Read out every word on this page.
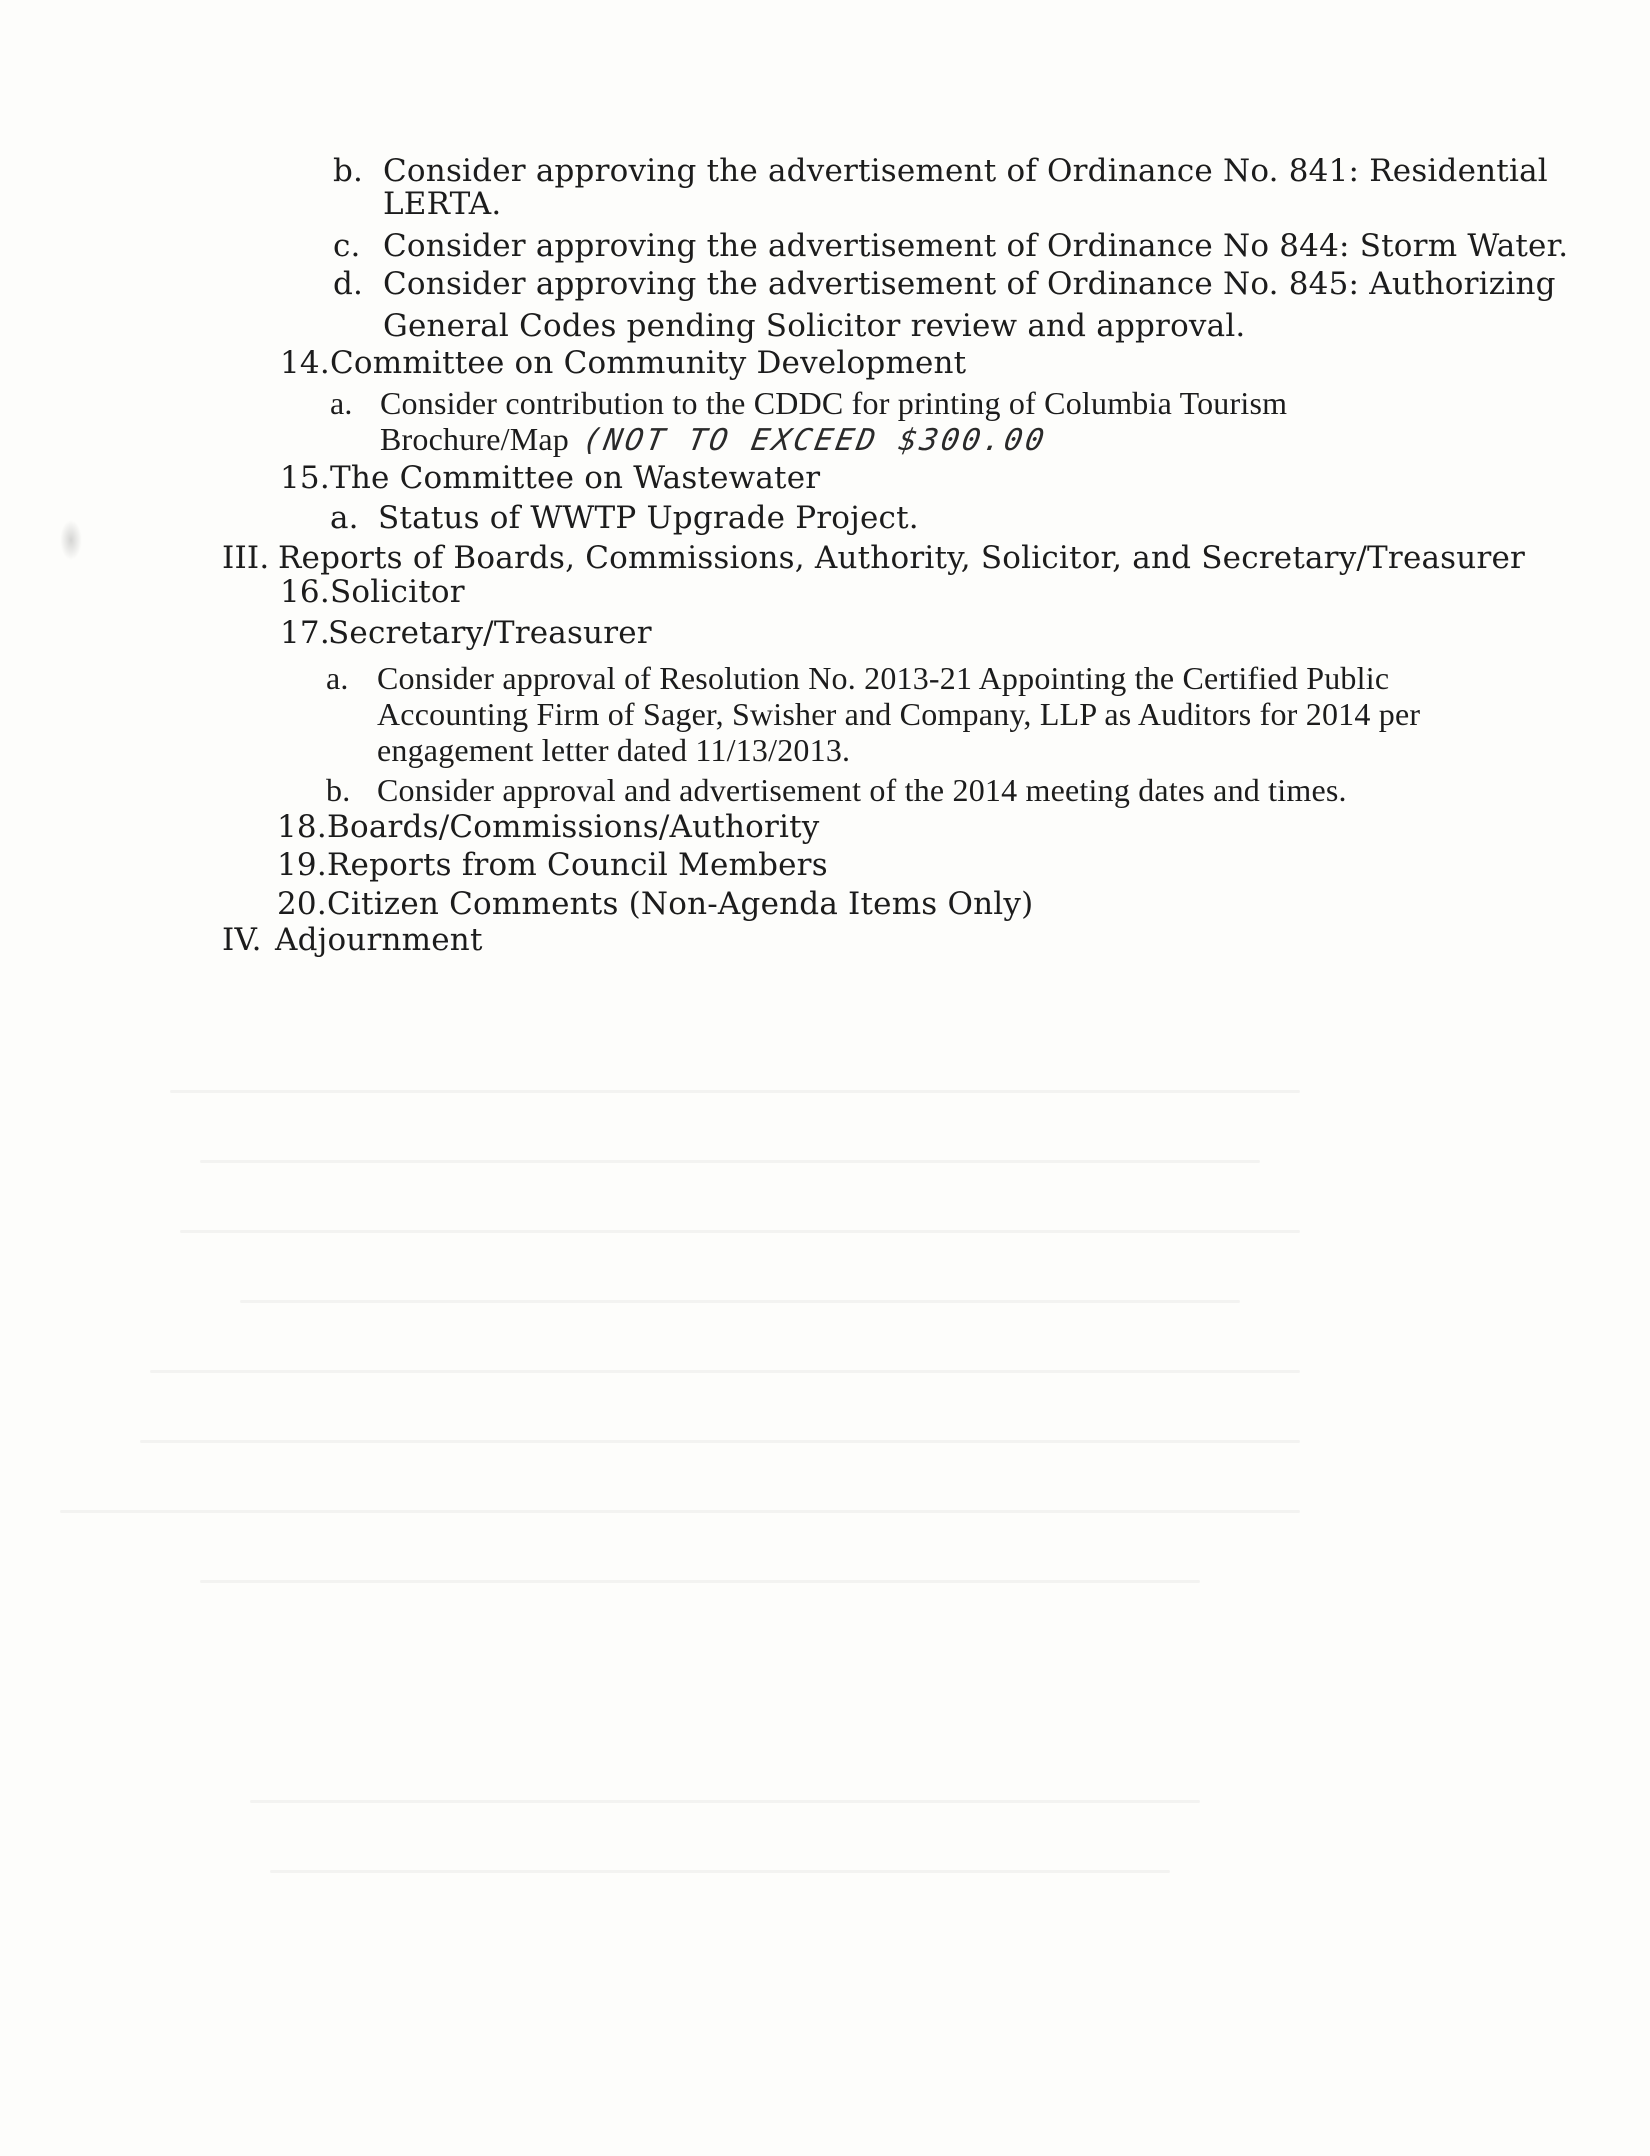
b. Consider approving the advertisement of Ordinance No. 841: Residential
LERTA.
c. Consider approving the advertisement of Ordinance No 844: Storm Water.
d. Consider approving the advertisement of Ordinance No. 845: Authorizing
General Codes pending Solicitor review and approval.
14. Committee on Community Development
a. Consider contribution to the CDDC for printing of Columbia Tourism
Brochure/Map (NOT TO EXCEED $300.00
15. The Committee on Wastewater
a. Status of WWTP Upgrade Project.
III. Reports of Boards, Commissions, Authority, Solicitor, and Secretary/Treasurer
16. Solicitor
17.
Secretary/Treasurer
a. Consider approval of Resolution No. 2013-21 Appointing the Certified Public
Accounting Firm of Sager, Swisher and Company, LLP as Auditors for 2014 per
engagement letter dated 11/13/2013.
b. Consider approval and advertisement of the 2014 meeting dates and times.
18. Boards/Commissions/Authority
19. Reports from Council Members
20. Citizen Comments (Non-Agenda Items Only)
IV. Adjournment
